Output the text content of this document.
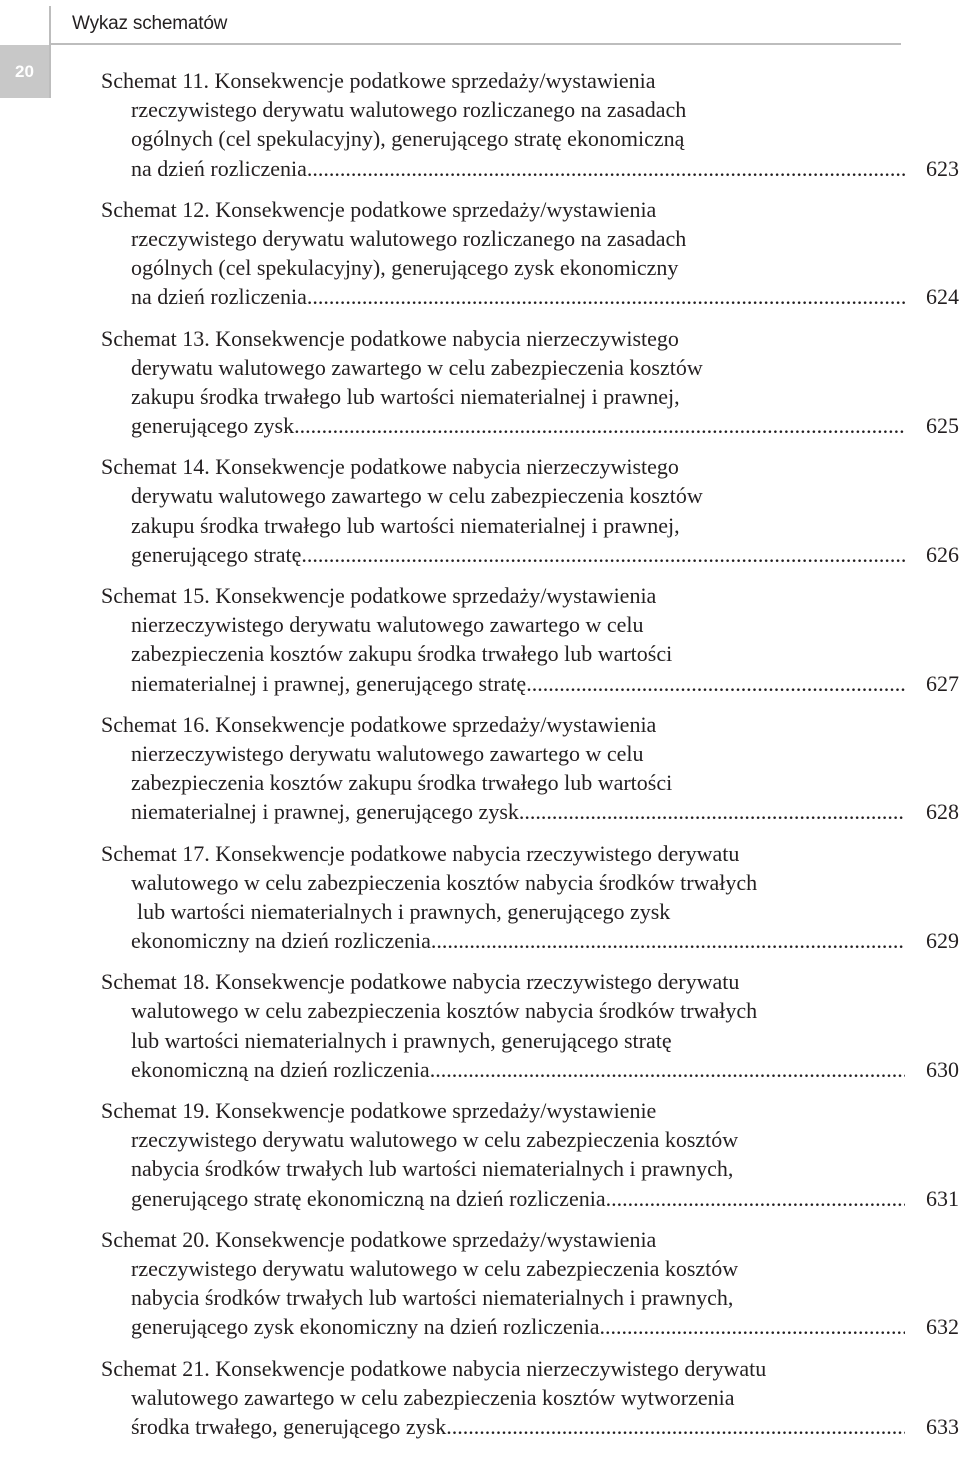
Wykaz schematów
20	Schemat 11. Konsekwencje podatkowe sprzedaży/wystawienia
rzeczywistego derywatu walutowego rozliczanego na zasadach
ogólnych (cel spekulacyjny), generującego stratę ekonomiczną
na dzień rozliczenia .....	623
Schemat 12. Konsekwencje podatkowe sprzedaży/wystawienia
rzeczywistego derywatu walutowego rozliczanego na zasadach
ogólnych (cel spekulacyjny), generującego zysk ekonomiczny
na dzień rozliczenia .....	624
Schemat 13. Konsekwencje podatkowe nabycia nierzeczywistego
derywatu walutowego zawartego w celu zabezpieczenia kosztów
zakupu środka trwałego lub wartości niematerialnej i prawnej,
generującego zysk .....	625
Schemat 14. Konsekwencje podatkowe nabycia nierzeczywistego
derywatu walutowego zawartego w celu zabezpieczenia kosztów
zakupu środka trwałego lub wartości niematerialnej i prawnej,
generującego stratę .....	626
Schemat 15. Konsekwencje podatkowe sprzedaży/wystawienia
nierzeczywistego derywatu walutowego zawartego w celu
zabezpieczenia kosztów zakupu środka trwałego lub wartości
niematerialnej i prawnej, generującego stratę .....	627
Schemat 16. Konsekwencje podatkowe sprzedaży/wystawienia
nierzeczywistego derywatu walutowego zawartego w celu
zabezpieczenia kosztów zakupu środka trwałego lub wartości
niematerialnej i prawnej, generującego zysk .....	628
Schemat 17. Konsekwencje podatkowe nabycia rzeczywistego derywatu
walutowego w celu zabezpieczenia kosztów nabycia środków trwałych
lub wartości niematerialnych i prawnych, generującego zysk
ekonomiczny na dzień rozliczenia .....	629
Schemat 18. Konsekwencje podatkowe nabycia rzeczywistego derywatu
walutowego w celu zabezpieczenia kosztów nabycia środków trwałych
lub wartości niematerialnych i prawnych, generującego stratę
ekonomiczną na dzień rozliczenia .....	630
Schemat 19. Konsekwencje podatkowe sprzedaży/wystawienie
rzeczywistego derywatu walutowego w celu zabezpieczenia kosztów
nabycia środków trwałych lub wartości niematerialnych i prawnych,
generującego stratę ekonomiczną na dzień rozliczenia .....	631
Schemat 20. Konsekwencje podatkowe sprzedaży/wystawienia
rzeczywistego derywatu walutowego w celu zabezpieczenia kosztów
nabycia środków trwałych lub wartości niematerialnych i prawnych,
generującego zysk ekonomiczny na dzień rozliczenia .....	632
Schemat 21. Konsekwencje podatkowe nabycia nierzeczywistego derywatu
walutowego zawartego w celu zabezpieczenia kosztów wytworzenia
środka trwałego, generującego zysk .....	633
